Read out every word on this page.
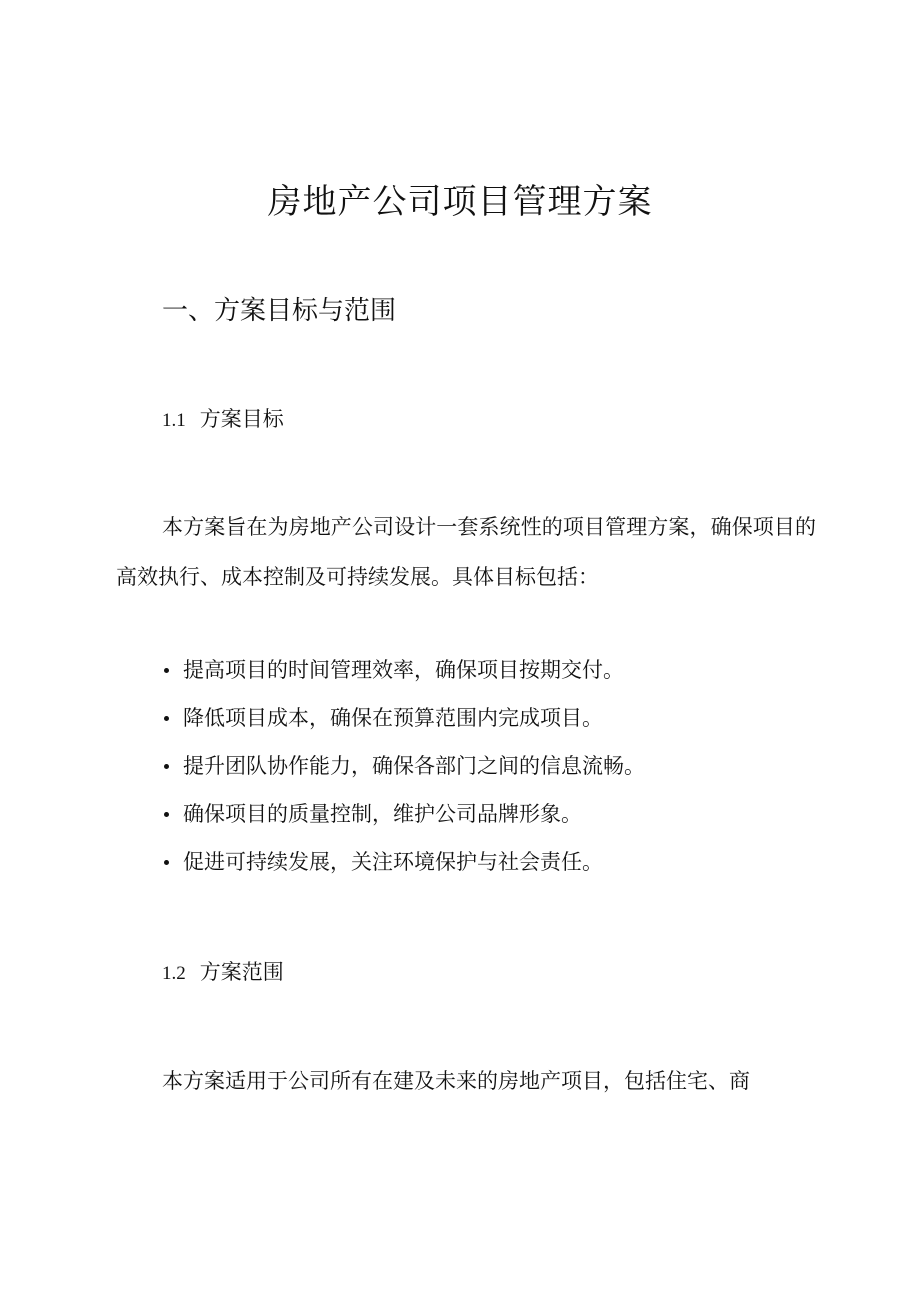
房地产公司项目管理方案
一、方案目标与范围
1.1 方案目标

本方案旨在为房地产公司设计一套系统性的项目管理方案，确保项目的高效执行、成本控制及可持续发展。具体目标包括：

提高项目的时间管理效率，确保项目按期交付。
降低项目成本，确保在预算范围内完成项目。
提升团队协作能力，确保各部门之间的信息流畅。
确保项目的质量控制，维护公司品牌形象。
促进可持续发展，关注环境保护与社会责任。
1.2 方案范围

本方案适用于公司所有在建及未来的房地产项目，包括住宅、商
